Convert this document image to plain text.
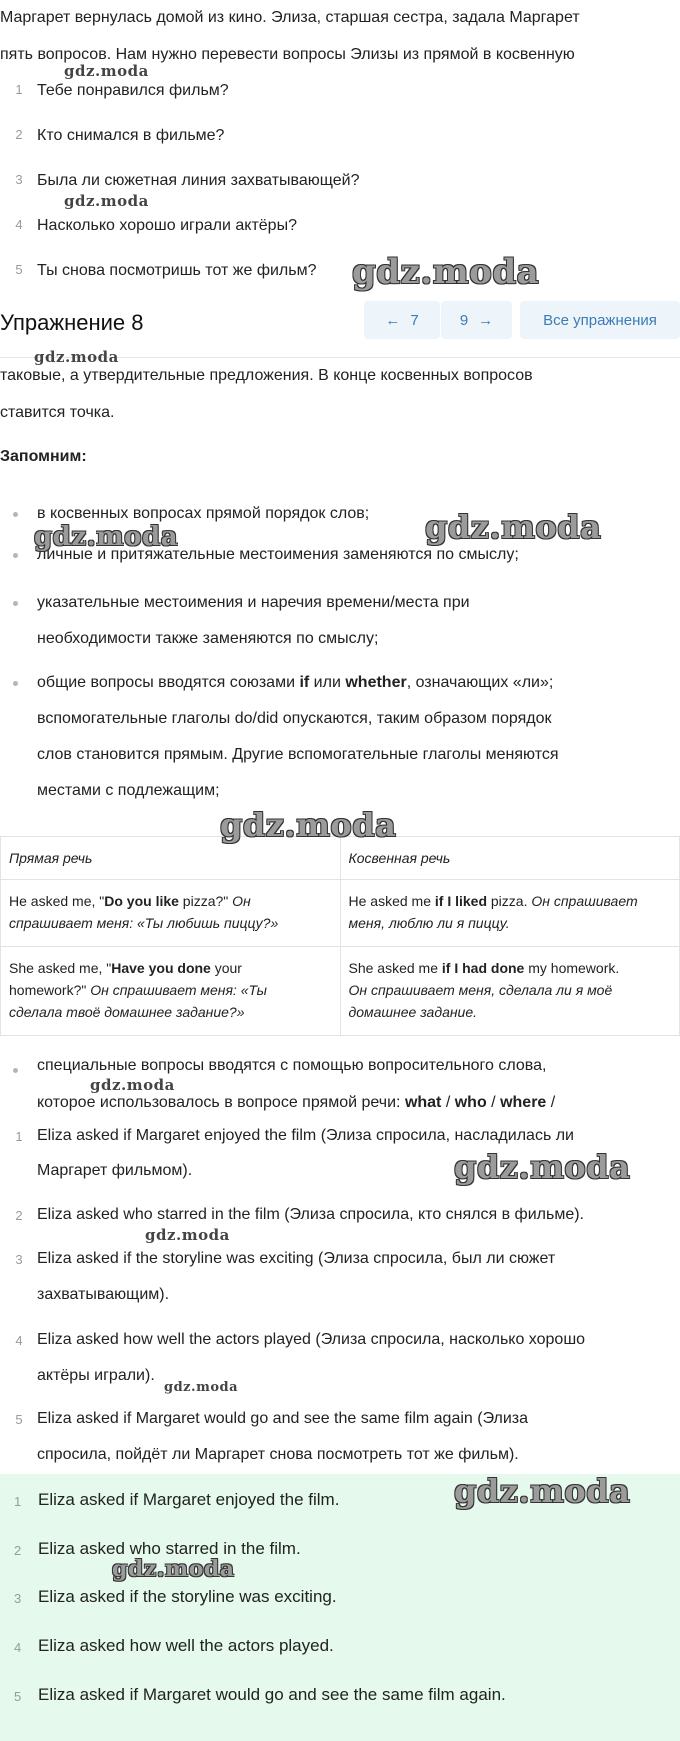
Маргарет вернулась домой из кино. Элиза, старшая сестра, задала Маргарет
пять вопросов. Нам нужно перевести вопросы Элизы из прямой в косвенную
1 Тебе понравился фильм?
2 Кто снимался в фильме?
3 Была ли сюжетная линия захватывающей?
4 Насколько хорошо играли актёры?
5 Ты снова посмотришь тот же фильм?
Упражнение 8	← 7	9 →	Все упражнения
таковые, а утвердительные предложения. В конце косвенных вопросов
ставится точка.
Запомним:
в косвенных вопросах прямой порядок слов;
личные и притяжательные местоимения заменяются по смыслу;
указательные местоимения и наречия времени/места при
необходимости также заменяются по смыслу;
общие вопросы вводятся союзами if или whether, означающих «ли»;
вспомогательные глаголы do/did опускаются, таким образом порядок
слов становится прямым. Другие вспомогательные глаголы меняются
местами с подлежащим;
Прямая речь	Косвенная речь
He asked me, "Do you like pizza?" Он
спрашивает меня: «Ты любишь пиццу?»	He asked me if I liked pizza. Он спрашивает
меня, люблю ли я пиццу.
She asked me, "Have you done your
homework?" Он спрашивает меня: «Ты
сделала твоё домашнее задание?»	She asked me if I had done my homework.
Он спрашивает меня, сделала ли я моё
домашнее задание.
специальные вопросы вводятся с помощью вопросительного слова,
которое использовалось в вопросе прямой речи: what / who / where /
1 Eliza asked if Margaret enjoyed the film (Элиза спросила, насладилась ли
Маргарет фильмом).
2 Eliza asked who starred in the film (Элиза спросила, кто снялся в фильме).
3 Eliza asked if the storyline was exciting (Элиза спросила, был ли сюжет
захватывающим).
4 Eliza asked how well the actors played (Элиза спросила, насколько хорошо
актёры играли).
5 Eliza asked if Margaret would go and see the same film again (Элиза
спросила, пойдёт ли Маргарет снова посмотреть тот же фильм).
1 Eliza asked if Margaret enjoyed the film.
2 Eliza asked who starred in the film.
3 Eliza asked if the storyline was exciting.
4 Eliza asked how well the actors played.
5 Eliza asked if Margaret would go and see the same film again.
gdz.moda
gdz.moda
gdz.moda
gdz.moda
gdz.moda
gdz.moda
gdz.moda
gdz.moda
gdz.moda
gdz.moda
gdz.moda
gdz.moda
gdz.moda
